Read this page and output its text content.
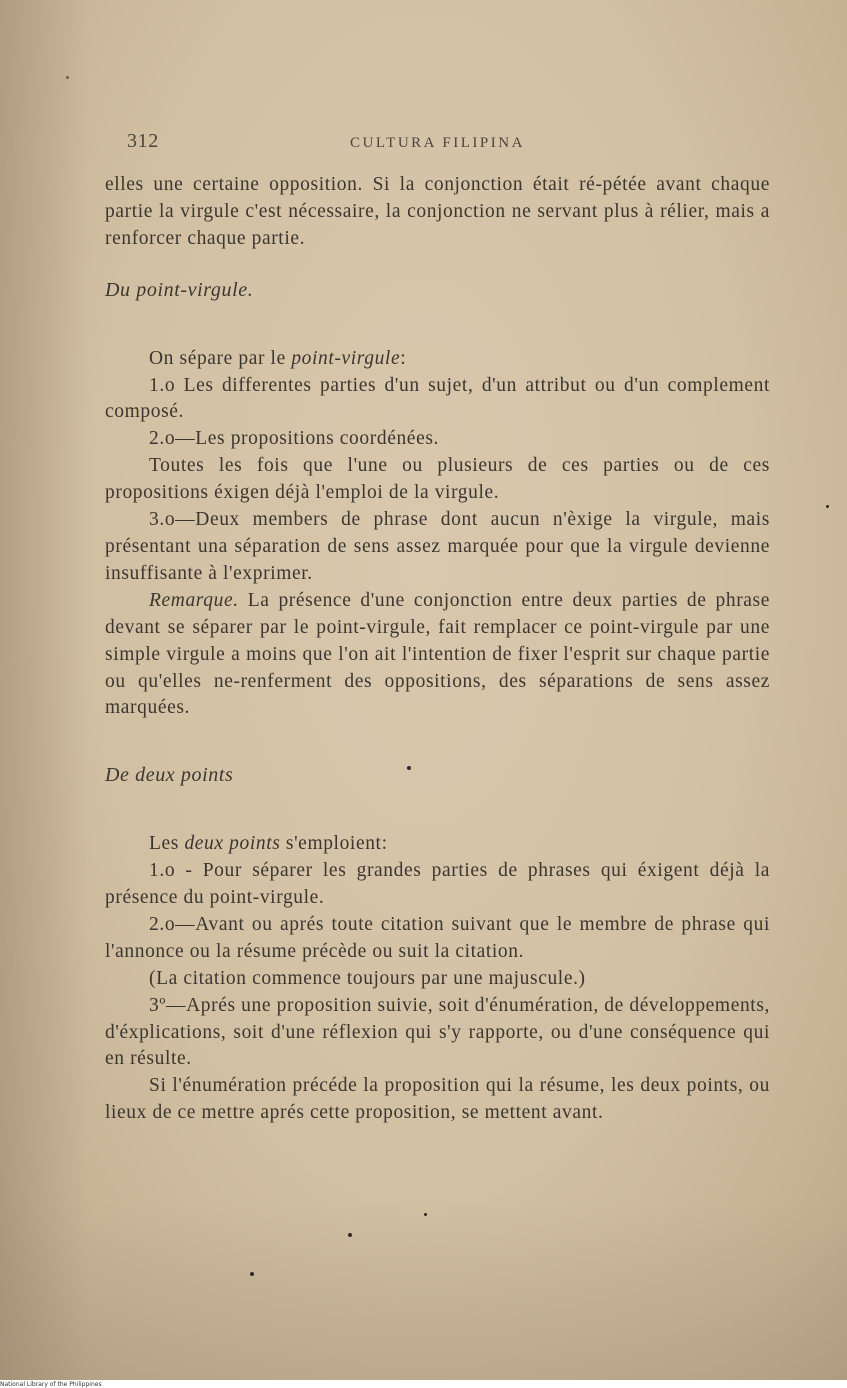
312	CULTURA FILIPINA

elles une certaine opposition. Si la conjonction était ré-pétée avant chaque partie la virgule c'est nécessaire, la conjonction ne servant plus à rélier, mais a renforcer chaque partie.

Du point-virgule.

On sépare par le point-virgule:

1.o Les differentes parties d'un sujet, d'un attribut ou d'un complement composé.

2.o—Les propositions coordénées.

Toutes les fois que l'une ou plusieurs de ces parties ou de ces propositions éxigen déjà l'emploi de la virgule.

3.o—Deux members de phrase dont aucun n'èxige la virgule, mais présentant una séparation de sens assez marquée pour que la virgule devienne insuffisante à l'exprimer.

Remarque. La présence d'une conjonction entre deux parties de phrase devant se séparer par le point-virgule, fait remplacer ce point-virgule par une simple virgule a moins que l'on ait l'intention de fixer l'esprit sur chaque partie ou qu'elles ne-renferment des oppositions, des séparations de sens assez marquées.

De deux points

Les deux points s'emploient:

1.o - Pour séparer les grandes parties de phrases qui éxigent déjà la présence du point-virgule.

2.o—Avant ou aprés toute citation suivant que le membre de phrase qui l'annonce ou la résume précède ou suit la citation.

(La citation commence toujours par une majuscule.)

3º—Aprés une proposition suivie, soit d'énumération, de développements, d'éxplications, soit d'une réflexion qui s'y rapporte, ou d'une conséquence qui en résulte.

Si l'énumération précéde la proposition qui la résume, les deux points, ou lieux de ce mettre aprés cette proposition, se mettent avant.

National Library of the Philippines
